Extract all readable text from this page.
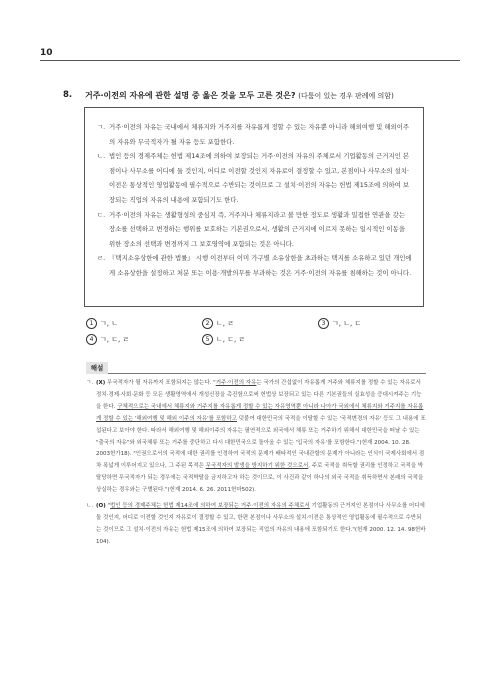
10
8. 거주·이전의 자유에 관한 설명 중 옳은 것을 모두 고른 것은? (다툼이 있는 경우 판례에 의함)

ㄱ. 거주·이전의 자유는 국내에서 체류지와 거주지를 자유롭게 정할 수 있는 자유뿐 아니라 해외여행 및 해외이주의 자유와 무국적자가 될 자유 등도 포함한다.

ㄴ. 법인 등의 경제주체는 헌법 제14조에 의하여 보장되는 거주·이전의 자유의 주체로서 기업활동의 근거지인 본점이나 사무소를 어디에 둘 것인지, 어디로 이전할 것인지 자유로이 결정할 수 있고, 본점이나 사무소의 설치·이전은 통상적인 영업활동에 필수적으로 수반되는 것이므로 그 설치·이전의 자유는 헌법 제15조에 의하여 보장되는 직업의 자유의 내용에 포함되기도 한다.

ㄷ. 거주·이전의 자유는 생활형성의 중심지 즉, 거주지나 체류지라고 볼 만한 정도로 생활과 밀접한 연관을 갖는 장소를 선택하고 변경하는 행위를 보호하는 기본권으로서, 생활의 근거지에 이르지 못하는 일시적인 이동을 위한 장소의 선택과 변경까지 그 보호영역에 포함되는 것은 아니다.

ㄹ. 『택지소유상한에 관한 법률』 시행 이전부터 이미 가구별 소유상한을 초과하는 택지를 소유하고 있던 개인에게 소유상한을 설정하고 처분 또는 이용·개발의무를 부과하는 것은 거주·이전의 자유를 침해하는 것이 아니다.

1 ㄱ, ㄴ	2 ㄴ, ㄹ	3 ㄱ, ㄴ, ㄷ
4 ㄱ, ㄷ, ㄹ	5 ㄴ, ㄷ, ㄹ
해설
ㄱ. (X) 무국적자가 될 자유까지 포함되지는 않는다. "거주·이전의 자유는 국가의 간섭없이 자유롭게 거주와 체류지를 정할 수 있는 자유로서 정치·경제·사회·문화 등 모든 생활영역에서 개성신장을 촉진함으로써 헌법상 보장되고 있는 다른 기본권들의 실효성을 증대시켜주는 기능을 한다. 구체적으로는 국내에서 체류지와 거주지를 자유롭게 정할 수 있는 자유영역뿐 아니라 나아가 국외에서 체류지와 거주지를 자유롭게 정할 수 있는 '해외여행 및 해외 이주의 자유'를 포함하고 덧붙여 대한민국의 국적을 이탈할 수 있는 '국적변경의 자유' 등도 그 내용에 포섭된다고 보아야 한다. 따라서 해외여행 및 해외이주의 자유는 필연적으로 외국에서 체류 또는 거주하기 위해서 대한민국을 떠날 수 있는 "출국의 자유"와 외국체류 또는 거주를 중단하고 다시 대한민국으로 돌아올 수 있는 '입국의 자유'를 포함한다."(헌재 2004. 10. 28. 2003헌가18). "인권으로서의 국적에 대한 권리를 인정하여 국적의 문제가 배타적인 국내관할의 문제가 아니라는 인식이 국제사회에서 점차 폭넓게 이루어지고 있으나, 그 주된 목적은 무국적자의 발생을 방지하기 위한 것으로서, 주로 국적을 취득할 권리를 인정하고 국적을 박탈당하면 무국적자가 되는 경우에는 국적박탈을 금지하고자 하는 것이므로, 이 사건과 같이 하나의 외국 국적을 취득하면서 본래의 국적을 상실하는 경우와는 구별된다."(헌재 2014. 6. 26. 2011헌마502).
ㄴ. (O) "법인 등의 경제주체는 헌법 제14조에 의하여 보장되는 거주·이전의 자유의 주체로서 기업활동의 근거지인 본점이나 사무소를 어디에 둘 것인지, 어디로 이전할 것인지 자유로이 결정할 수 있고, 한편 본점이나 사무소의 설치·이전은 통상적인 영업활동에 필수적으로 수반되는 것이므로 그 설치·이전의 자유는 헌법 제15조에 의하여 보장되는 직업의 자유의 내용에 포함되기도 한다."(헌재 2000. 12. 14. 98헌바104).
